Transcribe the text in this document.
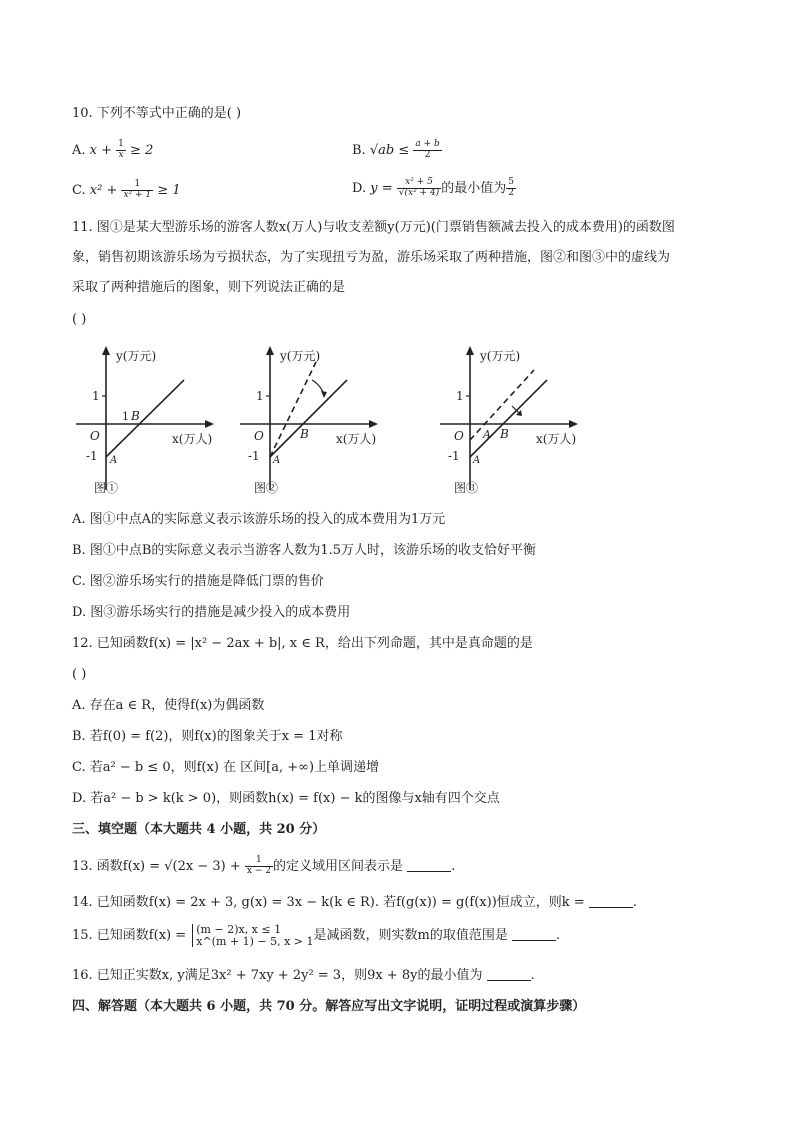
10. 下列不等式中正确的是( )
A. $x + \frac{1}{x} \ge 2$	B. $√ab \le \frac{a + b}{2}$
C. $x^2 + \frac{1}{\text{x² + 1}} \ge 1$	D. $y = \frac{\text{x² + 5}}{\text{√(x² + 4)}}$ 的最小值为 $\frac{5}{2}$
11. 图①是某大型游乐场的游客人数x(万人)与收支差额y(万元)(门票销售额减去投入的成本费用)的函数图
象，销售初期该游乐场为亏损状态，为了实现扭亏为盈，游乐场采取了两种措施，图②和图③中的虚线为
采取了两种措施后的图象，则下列说法正确的是
( )
y(万元)
x(万人)
O
1
-1 A
1 B
图①
y(万元)
x(万人)
O
1
-1 A
B
图②
y(万元)
x(万人)
O
1
-1 A
A B
图③
A. 图①中点A的实际意义表示该游乐场的投入的成本费用为1万元
B. 图①中点B的实际意义表示当游客人数为1.5万人时，该游乐场的收支恰好平衡
C. 图②游乐场实行的措施是降低门票的售价
D. 图③游乐场实行的措施是减少投入的成本费用
12. 已知函数f(x) = |x² − 2ax + b|, x ∈ R，给出下列命题，其中是真命题的是
( )
A. 存在a ∈ R，使得f(x)为偶函数
B. 若f(0) = f(2)，则f(x)的图象关于x = 1对称
C. 若a² − b ≤ 0，则f(x) 在 区间[a, +∞)上单调递增
D. 若a² − b > k(k > 0)，则函数h(x) = f(x) − k的图像与x轴有四个交点
三、填空题（本大题共 4 小题，共 20 分）
13. 函数$f(x) = √(2x - 3) + \frac{1}{x - 2}$ 的定义域用区间表示是	.
14. 已知函数f(x) = 2x + 3, g(x) = 3x − k(k ∈ R). 若f(g(x)) = g(f(x))恒成立，则k =	.
15. 已知函数f(x) = (m − 2)x, x ≤ 1
x^(m + 1) − 5, x > 1 是减函数，则实数m的取值范围是	.
16. 已知正实数x, y满足3x² + 7xy + 2y² = 3，则9x + 8y的最小值为	.
四、解答题（本大题共 6 小题，共 70 分。解答应写出文字说明，证明过程或演算步骤）
